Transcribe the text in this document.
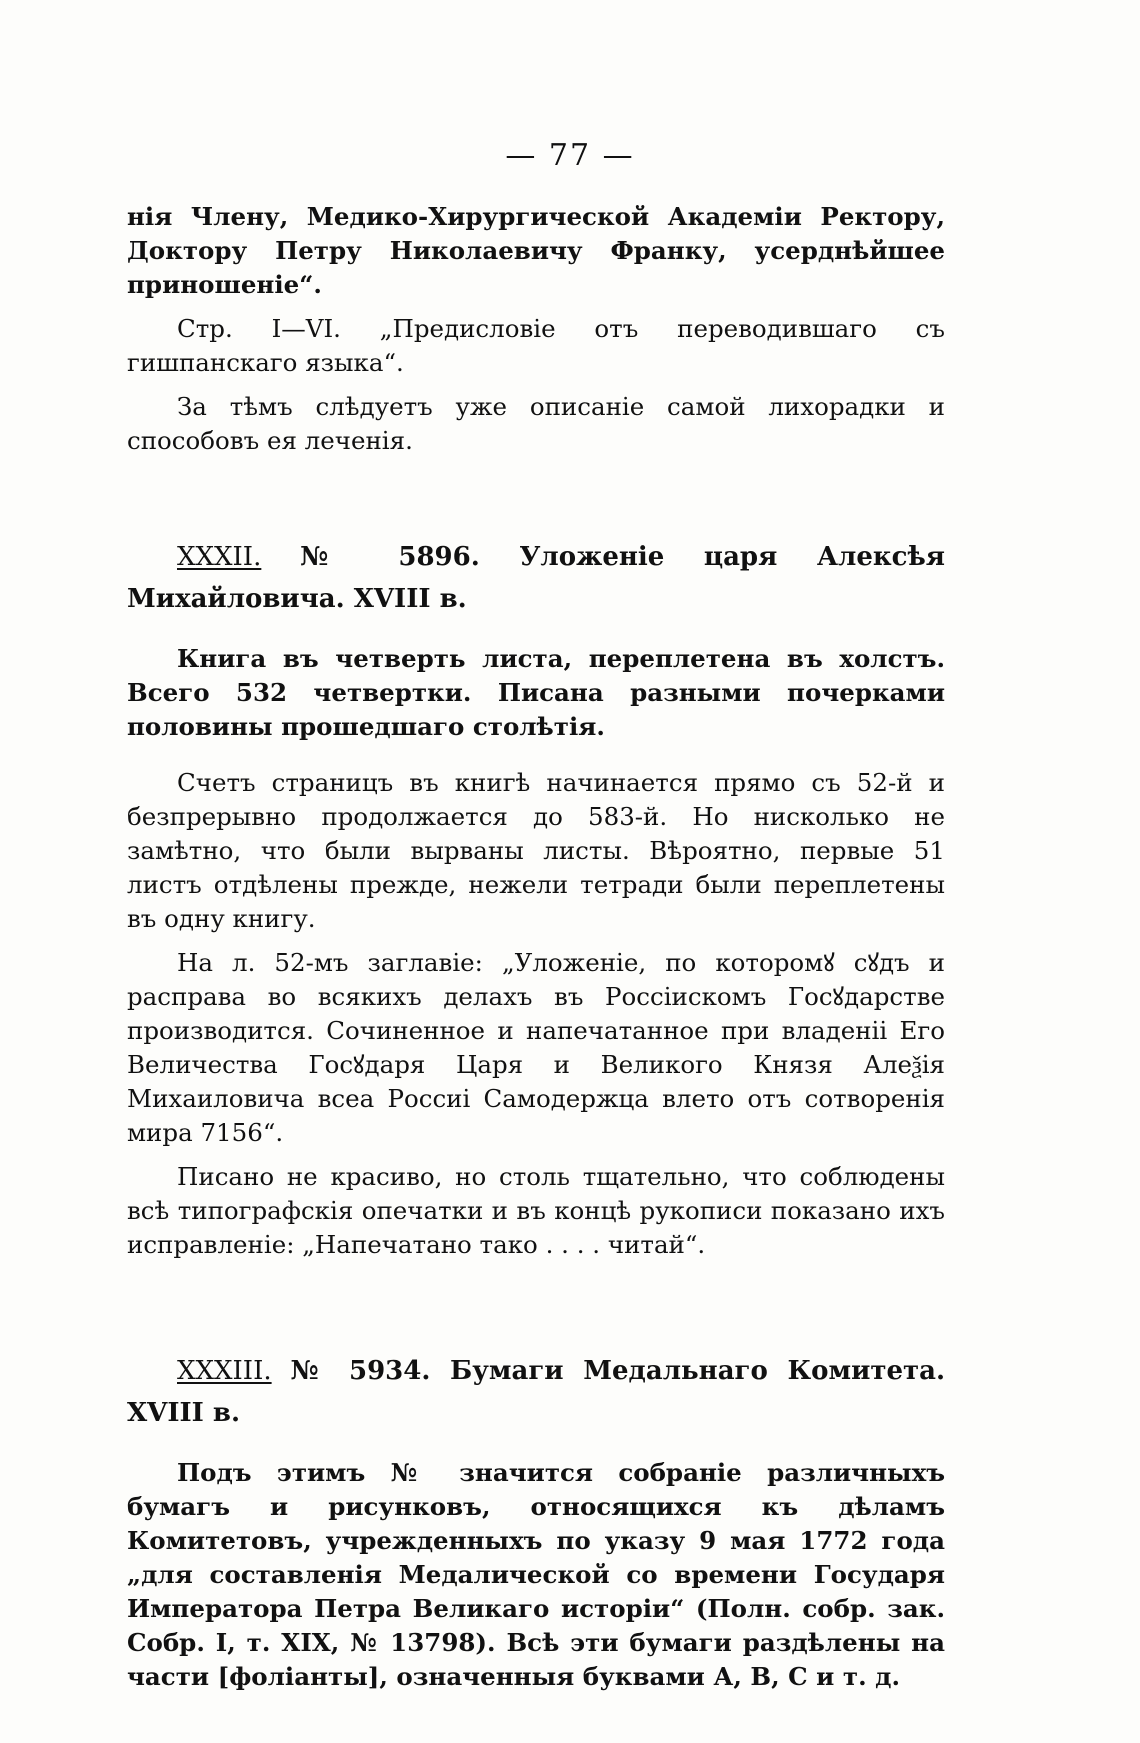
— 77 —

нія Члену, Медико-Хирургической Академіи Ректору, Доктору Петру Николаевичу Франку, усерднѣйшее приношеніе“.

Стр. I—VI. „Предисловіе отъ переводившаго съ гишпанскаго языка“.

За тѣмъ слѣдуетъ уже описаніе самой лихорадки и способовъ ея леченія.

XXXII. № 5896. Уложеніе царя Алексѣя Михайловича. XVIII в.

Книга въ четверть листа, переплетена въ холстъ. Всего 532 четвертки. Писана разными почерками половины прошедшаго столѣтія.

Счетъ страницъ въ книгѣ начинается прямо съ 52-й и безпрерывно продолжается до 583-й. Но нисколько не замѣтно, что были вырваны листы. Вѣроятно, первые 51 листъ отдѣлены прежде, нежели тетради были переплетены въ одну книгу.

На л. 52-мъ заглавіе: „Уложеніе, по которомꙋ сꙋдъ и расправа во всякихъ делахъ въ Россіискомъ Госꙋдарстве производится. Сочиненное и напечатанное при владеніі Его Величества Госꙋдаря Царя и Великого Князя Алеѯія Михаиловича всеа Россиі Самодержца влето отъ сотворенія мира 7156“.

Писано не красиво, но столь тщательно, что соблюдены всѣ типографскія опечатки и въ концѣ рукописи показано ихъ исправленіе: „Напечатано тако . . . . читай“.

XXXIII. № 5934. Бумаги Медальнаго Комитета. XVIII в.

Подъ этимъ № значится собраніе различныхъ бумагъ и рисунковъ, относящихся къ дѣламъ Комитетовъ, учрежденныхъ по указу 9 мая 1772 года „для составленія Медалической со времени Государя Императора Петра Великаго исторіи“ (Полн. собр. зак. Собр. I, т. XIX, № 13798). Всѣ эти бумаги раздѣлены на части [фоліанты], означенныя буквами А, В, С и т. д.
